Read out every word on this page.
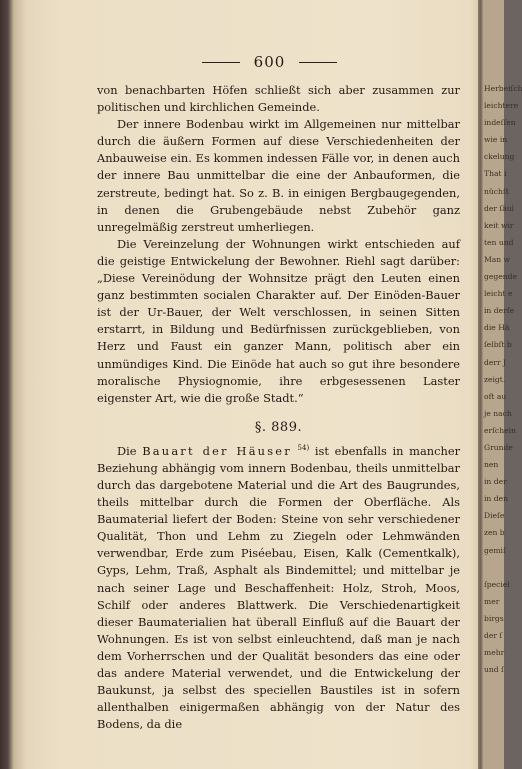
600

von benachbarten Höfen schließt sich aber zusammen zur politischen und kirchlichen Gemeinde.

Der innere Bodenbau wirkt im Allgemeinen nur mittelbar durch die äußern Formen auf diese Verschiedenheiten der Anbauweise ein. Es kommen indessen Fälle vor, in denen auch der innere Bau unmittelbar die eine der Anbauformen, die zerstreute, bedingt hat. So z. B. in einigen Bergbaugegenden, in denen die Grubengebäude nebst Zubehör ganz unregelmäßig zerstreut umherliegen.

Die Vereinzelung der Wohnungen wirkt entschieden auf die geistige Entwickelung der Bewohner. Riehl sagt darüber: „Diese Vereinödung der Wohnsitze prägt den Leuten einen ganz bestimmten socialen Charakter auf. Der Einöden-Bauer ist der Ur-Bauer, der Welt verschlossen, in seinen Sitten erstarrt, in Bildung und Bedürfnissen zurückgeblieben, von Herz und Faust ein ganzer Mann, politisch aber ein unmündiges Kind. Die Einöde hat auch so gut ihre besondere moralische Physiognomie, ihre erbgesessenen Laster eigenster Art, wie die große Stadt.“

§. 889.

Die Bauart der Häuser $^{54)}$ ist ebenfalls in mancher Beziehung abhängig vom innern Bodenbau, theils unmittelbar durch das dargebotene Material und die Art des Baugrundes, theils mittelbar durch die Formen der Oberfläche. Als Baumaterial liefert der Boden: Steine von sehr verschiedener Qualität, Thon und Lehm zu Ziegeln oder Lehmwänden verwendbar, Erde zum Piséebau, Eisen, Kalk (Cementkalk), Gyps, Lehm, Traß, Asphalt als Bindemittel; und mittelbar je nach seiner Lage und Beschaffenheit: Holz, Stroh, Moos, Schilf oder anderes Blattwerk. Die Verschiedenartigkeit dieser Baumaterialien hat überall Einfluß auf die Bauart der Wohnungen. Es ist von selbst einleuchtend, daß man je nach dem Vorherrschen und der Qualität besonders das eine oder das andere Material verwendet, und die Entwickelung der Baukunst, ja selbst des speciellen Baustiles ist in sofern allenthalben einigermaßen abhängig von der Natur des Bodens, da die

Herbeiſch
leichtere
indeſſen
wie in
ckelung
That i
nüchſt
der ſäul
keit wir
ten und
Man w
gegende
leicht e
in derſe
die Hä
ſelbſt b
derr J
zeigt.
oft au
je nach
erſchein
Grunde
nen
in der
in den
Dieſe
zen b
gemiſ

ſpeciel
mer
birgs
der ſ
mehr
und ſ
